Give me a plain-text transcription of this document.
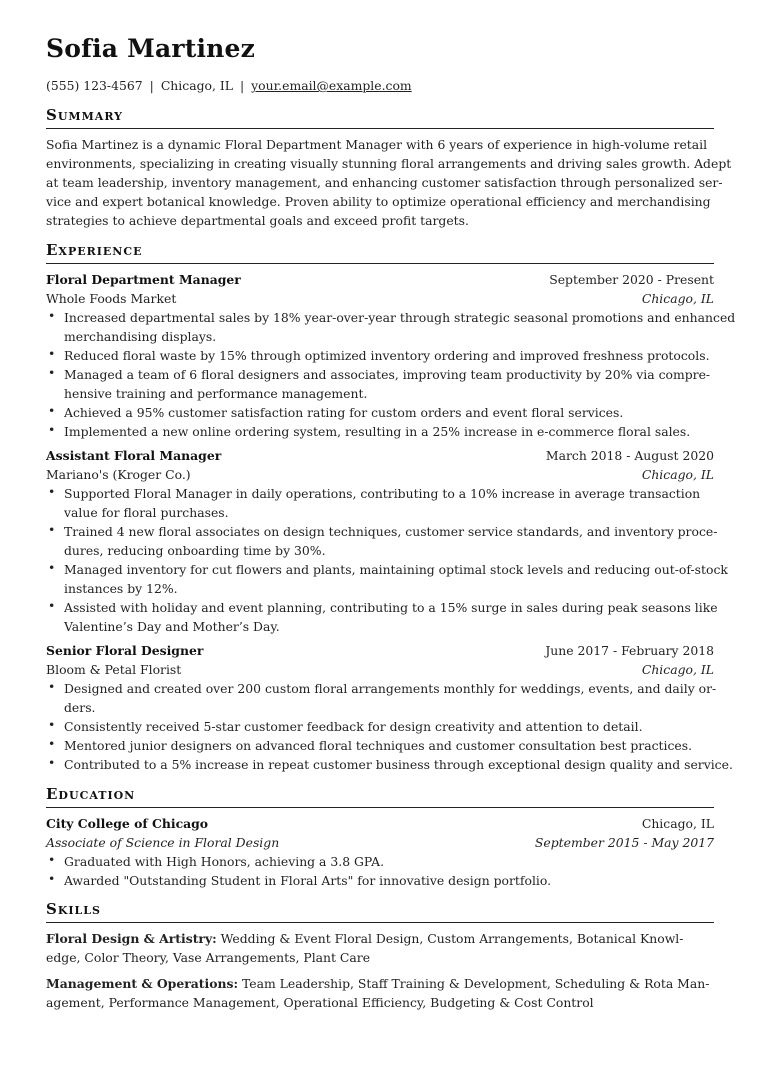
Sofia Martinez
(555) 123-4567 | Chicago, IL | your.email@example.com
Summary
Sofia Martinez is a dynamic Floral Department Manager with 6 years of experience in high-volume retail
environments, specializing in creating visually stunning floral arrangements and driving sales growth. Adept
at team leadership, inventory management, and enhancing customer satisfaction through personalized ser-
vice and expert botanical knowledge. Proven ability to optimize operational efficiency and merchandising
strategies to achieve departmental goals and exceed profit targets.
Experience
Floral Department Manager	September 2020 - Present
Whole Foods Market	Chicago, IL
• Increased departmental sales by 18% year-over-year through strategic seasonal promotions and enhanced
merchandising displays.
• Reduced floral waste by 15% through optimized inventory ordering and improved freshness protocols.
• Managed a team of 6 floral designers and associates, improving team productivity by 20% via compre-
hensive training and performance management.
• Achieved a 95% customer satisfaction rating for custom orders and event floral services.
• Implemented a new online ordering system, resulting in a 25% increase in e-commerce floral sales.
Assistant Floral Manager	March 2018 - August 2020
Mariano's (Kroger Co.)	Chicago, IL
• Supported Floral Manager in daily operations, contributing to a 10% increase in average transaction
value for floral purchases.
• Trained 4 new floral associates on design techniques, customer service standards, and inventory proce-
dures, reducing onboarding time by 30%.
• Managed inventory for cut flowers and plants, maintaining optimal stock levels and reducing out-of-stock
instances by 12%.
• Assisted with holiday and event planning, contributing to a 15% surge in sales during peak seasons like
Valentine’s Day and Mother’s Day.
Senior Floral Designer	June 2017 - February 2018
Bloom & Petal Florist	Chicago, IL
• Designed and created over 200 custom floral arrangements monthly for weddings, events, and daily or-
ders.
• Consistently received 5-star customer feedback for design creativity and attention to detail.
• Mentored junior designers on advanced floral techniques and customer consultation best practices.
• Contributed to a 5% increase in repeat customer business through exceptional design quality and service.
Education
City College of Chicago	Chicago, IL
Associate of Science in Floral Design	September 2015 - May 2017
• Graduated with High Honors, achieving a 3.8 GPA.
• Awarded "Outstanding Student in Floral Arts" for innovative design portfolio.
Skills
Floral Design & Artistry: Wedding & Event Floral Design, Custom Arrangements, Botanical Knowl-
edge, Color Theory, Vase Arrangements, Plant Care
Management & Operations: Team Leadership, Staff Training & Development, Scheduling & Rota Man-
agement, Performance Management, Operational Efficiency, Budgeting & Cost Control
